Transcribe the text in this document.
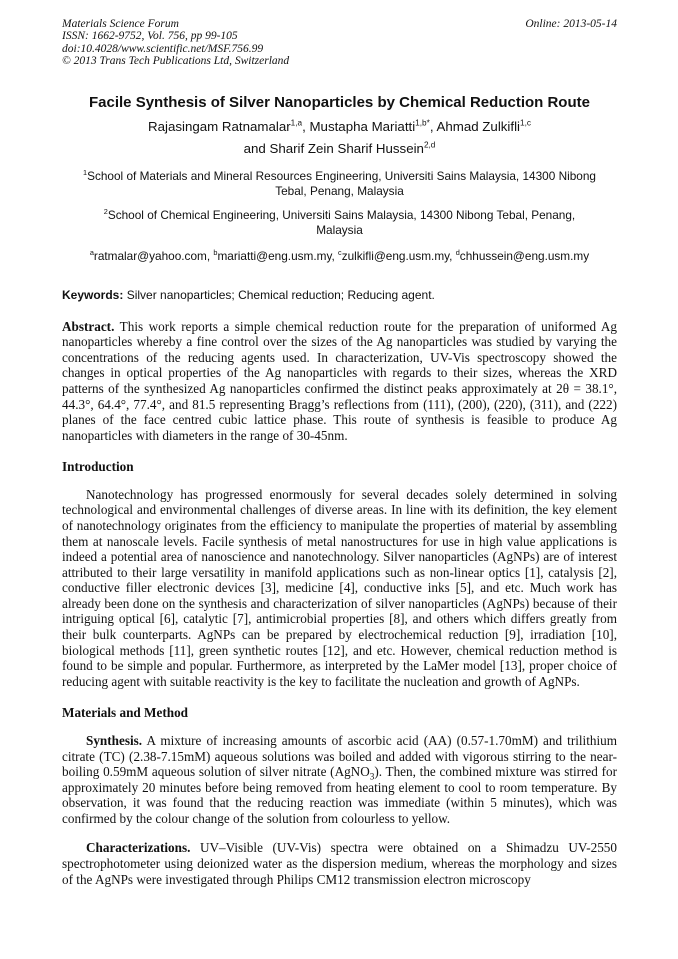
Materials Science Forum
ISSN: 1662-9752, Vol. 756, pp 99-105
doi:10.4028/www.scientific.net/MSF.756.99
© 2013 Trans Tech Publications Ltd, Switzerland
Online: 2013-05-14
Facile Synthesis of Silver Nanoparticles by Chemical Reduction Route
Rajasingam Ratnamalar$^{1,a}$, Mustapha Mariatti$^{1,b*}$, Ahmad Zulkifli$^{1,c}$
and Sharif Zein Sharif Hussein$^{2,d}$

$^1$School of Materials and Mineral Resources Engineering, Universiti Sains Malaysia, 14300 Nibong
Tebal, Penang, Malaysia

$^2$School of Chemical Engineering, Universiti Sains Malaysia, 14300 Nibong Tebal, Penang,
Malaysia

$^a$ratmalar@yahoo.com, $^b$mariatti@eng.usm.my, $^c$zulkifli@eng.usm.my, $^d$chhussein@eng.usm.my

Keywords: Silver nanoparticles; Chemical reduction; Reducing agent.

Abstract. This work reports a simple chemical reduction route for the preparation of uniformed Ag nanoparticles whereby a fine control over the sizes of the Ag nanoparticles was studied by varying the concentrations of the reducing agents used. In characterization, UV-Vis spectroscopy showed the changes in optical properties of the Ag nanoparticles with regards to their sizes, whereas the XRD patterns of the synthesized Ag nanoparticles confirmed the distinct peaks approximately at 2θ = 38.1°, 44.3°, 64.4°, 77.4°, and 81.5 representing Bragg’s reflections from (111), (200), (220), (311), and (222) planes of the face centred cubic lattice phase. This route of synthesis is feasible to produce Ag nanoparticles with diameters in the range of 30-45nm.

Introduction

Nanotechnology has progressed enormously for several decades solely determined in solving technological and environmental challenges of diverse areas. In line with its definition, the key element of nanotechnology originates from the efficiency to manipulate the properties of material by assembling them at nanoscale levels. Facile synthesis of metal nanostructures for use in high value applications is indeed a potential area of nanoscience and nanotechnology. Silver nanoparticles (AgNPs) are of interest attributed to their large versatility in manifold applications such as non-linear optics [1], catalysis [2], conductive filler electronic devices [3], medicine [4], conductive inks [5], and etc. Much work has already been done on the synthesis and characterization of silver nanoparticles (AgNPs) because of their intriguing optical [6], catalytic [7], antimicrobial properties [8], and others which differs greatly from their bulk counterparts. AgNPs can be prepared by electrochemical reduction [9], irradiation [10], biological methods [11], green synthetic routes [12], and etc. However, chemical reduction method is found to be simple and popular. Furthermore, as interpreted by the LaMer model [13], proper choice of reducing agent with suitable reactivity is the key to facilitate the nucleation and growth of AgNPs.

Materials and Method

Synthesis. A mixture of increasing amounts of ascorbic acid (AA) (0.57-1.70mM) and trilithium citrate (TC) (2.38-7.15mM) aqueous solutions was boiled and added with vigorous stirring to the near-boiling 0.59mM aqueous solution of silver nitrate (AgNO$_3$). Then, the combined mixture was stirred for approximately 20 minutes before being removed from heating element to cool to room temperature. By observation, it was found that the reducing reaction was immediate (within 5 minutes), which was confirmed by the colour change of the solution from colourless to yellow.

Characterizations. UV–Visible (UV-Vis) spectra were obtained on a Shimadzu UV-2550 spectrophotometer using deionized water as the dispersion medium, whereas the morphology and sizes of the AgNPs were investigated through Philips CM12 transmission electron microscopy
